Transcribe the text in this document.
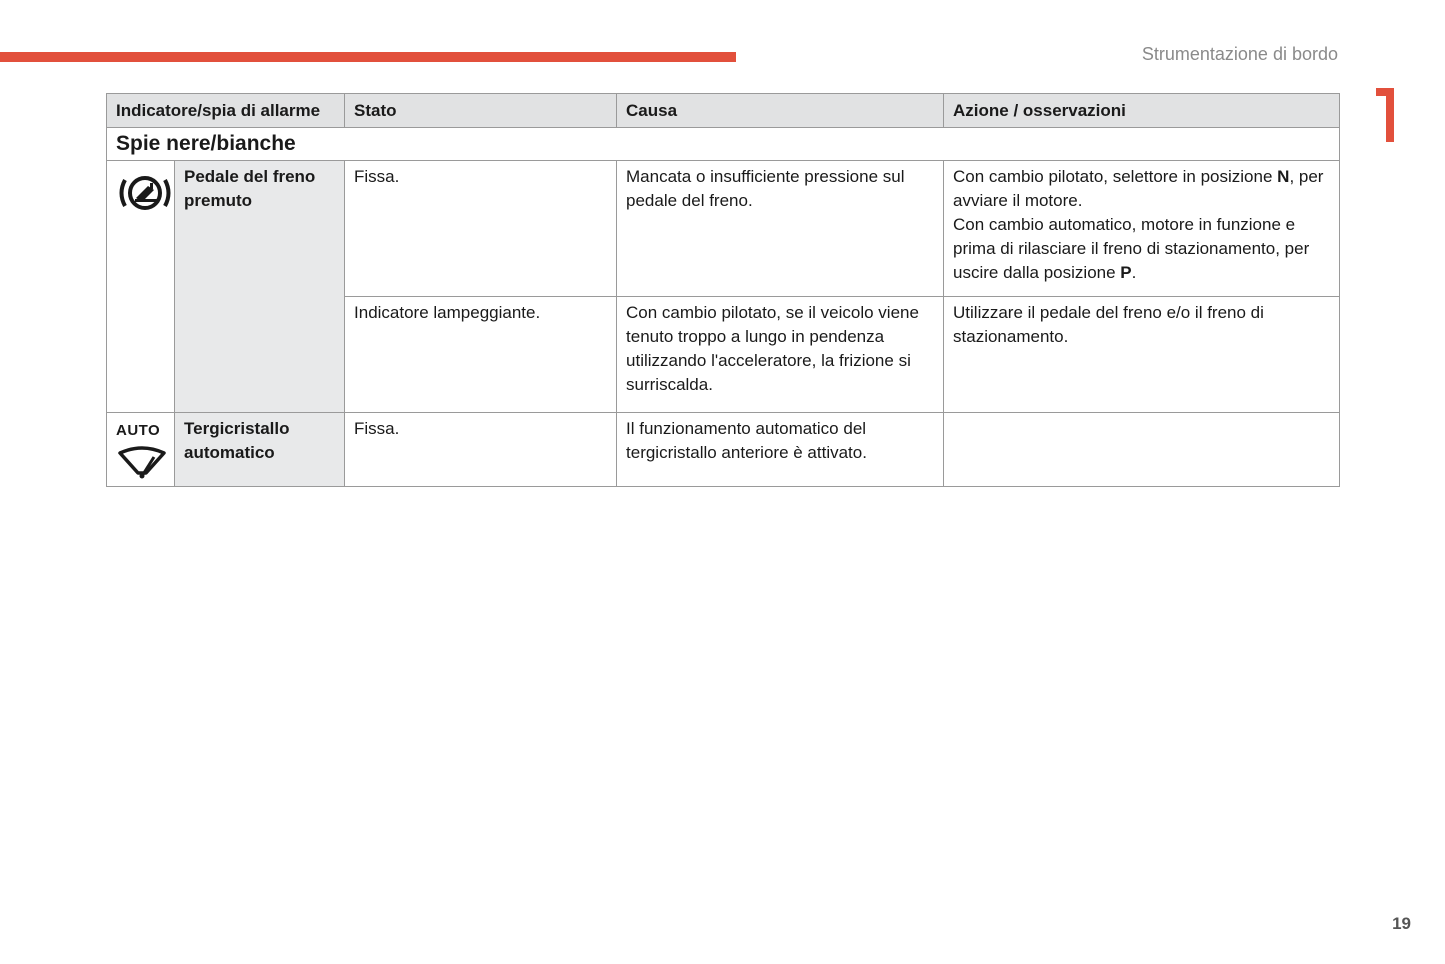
Strumentazione di bordo
Indicatore/spia di allarme		Stato	Causa	Azione / osservazioni
Spie nere/bianche				

	Pedale del freno premuto	Fissa.	Mancata o insufficiente pressione sul pedale del freno.	Con cambio pilotato, selettore in posizione N, per avviare il motore.
Con cambio automatico, motore in funzione e prima di rilasciare il freno di stazionamento, per uscire dalla posizione P.
		Indicatore lampeggiante.	Con cambio pilotato, se il veicolo viene tenuto troppo a lungo in pendenza utilizzando l'acceleratore, la frizione si surriscalda.	Utilizzare il pedale del freno e/o il freno di stazionamento.

AUTO	Tergicristallo automatico	Fissa.	Il funzionamento automatico del tergicristallo anteriore è attivato.	
19
